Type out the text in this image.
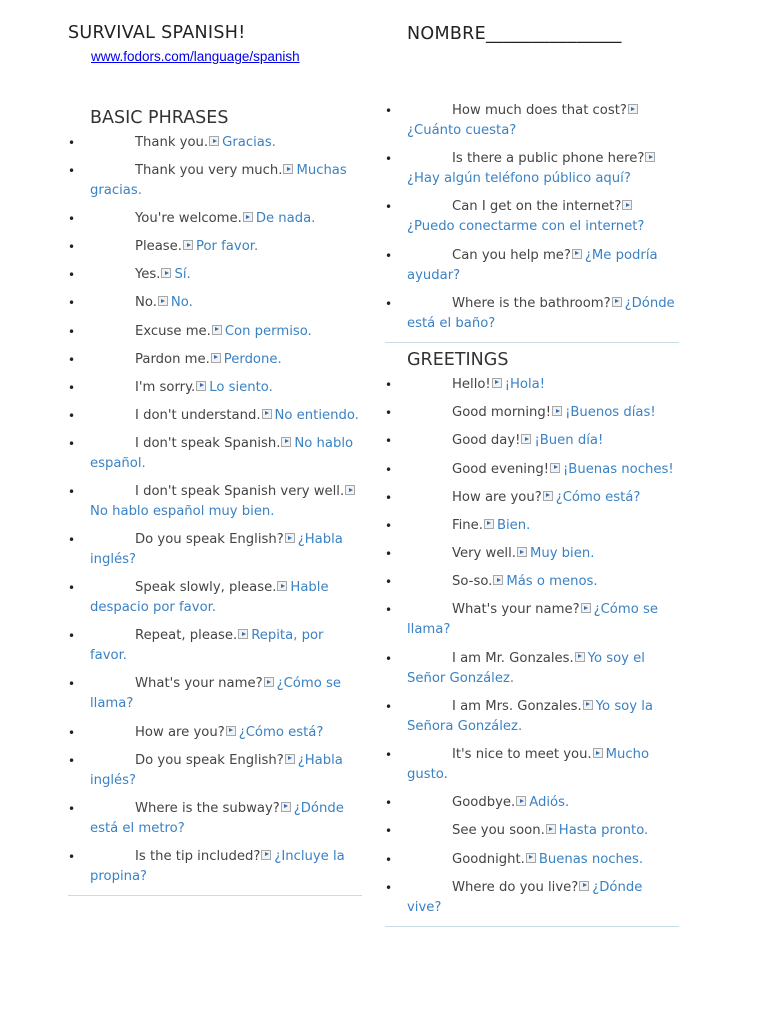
SURVIVAL SPANISH!	NOMBRE_______________
www.fodors.com/language/spanish
BASIC PHRASES
•	Thank you. Gracias.
•	Thank you very much. Muchas gracias.
•	You're welcome. De nada.
•	Please. Por favor.
•	Yes. Sí.
•	No. No.
•	Excuse me. Con permiso.
•	Pardon me. Perdone.
•	I'm sorry. Lo siento.
•	I don't understand. No entiendo.
•	I don't speak Spanish. No hablo español.
•	I don't speak Spanish very well.No hablo español muy bien.
•	Do you speak English? ¿Habla inglés?
•	Speak slowly, please. Hable despacio por favor.
•	Repeat, please. Repita, por favor.
•	What's your name? ¿Cómo se llama?
•	How are you? ¿Cómo está?
•	Do you speak English? ¿Habla inglés?
•	Where is the subway? ¿Dónde está el metro?
•	Is the tip included? ¿Incluye la propina?
•	How much does that cost?¿Cuánto cuesta?
•	Is there a public phone here?¿Hay algún teléfono público aquí?
•	Can I get on the internet?¿Puedo conectarme con el internet?
•	Can you help me? ¿Me podría ayudar?
•	Where is the bathroom? ¿Dónde está el baño?
GREETINGS
•	Hello! ¡Hola!
•	Good morning! ¡Buenos días!
•	Good day! ¡Buen día!
•	Good evening! ¡Buenas noches!
•	How are you? ¿Cómo está?
•	Fine. Bien.
•	Very well. Muy bien.
•	So-so. Más o menos.
•	What's your name? ¿Cómo se llama?
•	I am Mr. Gonzales. Yo soy el Señor González.
•	I am Mrs. Gonzales. Yo soy la Señora González.
•	It's nice to meet you. Mucho gusto.
•	Goodbye. Adiós.
•	See you soon. Hasta pronto.
•	Goodnight. Buenas noches.
•	Where do you live? ¿Dónde vive?
